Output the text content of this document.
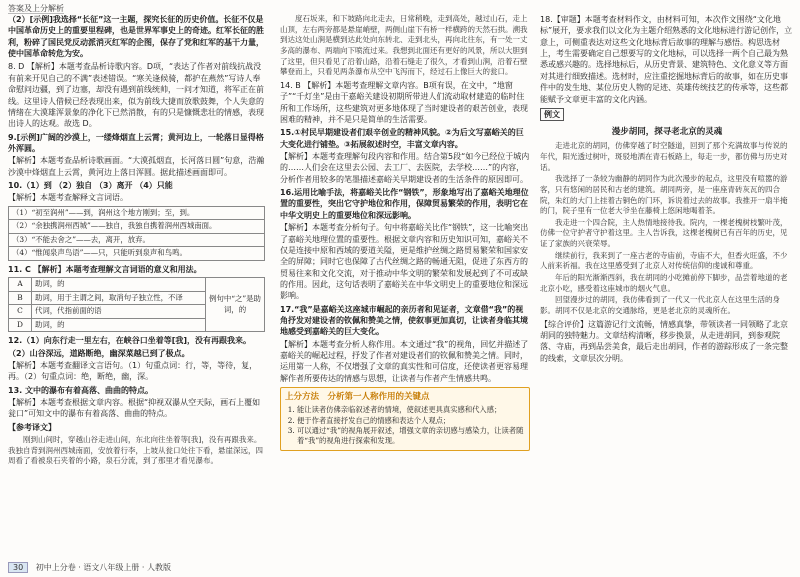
答案及上分解析

（2）[示例]我选择“长征”这一主题，探究长征的历史价值。长征不仅是中国革命历史上的重要里程碑，也是世界军事史上的奇迹。红军长征的胜利，粉碎了国民党反动派消灭红军的企图，保存了党和红军的基干力量，使中国革命转危为安。

8. D 【解析】本题考查品析诗歌内容。D项，“表达了作者对前线抗战没有前来开见自己的不满”表述错误。“寒关逢候骑，都护在燕然”写诗人奉命慰问边疆，到了边塞，却没有遇到前线统帅，一问才知道，将军正在前线。这里诗人借候已经表现出来，似为前线大捷而放歌鼓舞，个人失意的情绪在大漠雄浑景象的净化下已然消散，有的只是慷慨悲壮的情感，表现出诗人的达观。故选 D。

9.[示例]广阔的沙漠上，一缕烽烟直上云霄；黄河边上，一轮落日显得格外浑圆。

【解析】本题考查品析诗歌画面。“大漠孤烟直，长河落日圆”句意，浩瀚沙漠中烽烟直上云霄，黄河边上落日浑圆。据此描述画面即可。

10.（1）到 （2）独自 （3）离开 （4）只能

【解析】本题考查解释文言词语。

（1）“初至润州”——到，润州这个地方刚到；至，到。
（2）“余独携润州西城”——独自，我独自携着润州西城南面。
（3）“不能去舍之”——去，离开，放弃。
（4）“惟闻泉声鸟语”——只，只能听到泉声和鸟鸣。

11. C 【解析】本题考查理解文言词语的意义和用法。

A	助词，的	例句中“之”是助词，的
B	助词，用于主谓之间，取消句子独立性，不译	
C	代词，代指前面的语	
D	助词，的	

12.（1）向东行走一里左右，在峡谷口坐着等[我]，没有再跟我来。

（2）山谷深远，道路断绝，幽深菜越已到了极点。

【解析】本题考查翻译文言语句。（1）句重点词：行，等，等待，复，再。（2）句重点词：绝，断绝，幽，深。

13. 文中的瀑布有着高落、曲曲的特点。

【解析】本题考查根据文章内容。根据“抑视双瀑从空天际，画石上覆如瓮口”可知文中的瀑布有着高落、曲曲的特点。

【参考译文】

刚到山间时，穿越山谷走进山间，东北向往坐着等[我]，没有再跟我来。我独自背到润州西城南面，安放着行李，上坡从瓮口处往下看，悬崖深远，四周看了看被泉石夹着的小路，泉石分流，到了那里才看见瀑布。

度石坂来，和下坡路向北走去，日常稍晚，走到高处，越过山石，走上山顶，左右两旁都是悬崖峭壁，两侧山崖下有桥一样横跨的天然石拱。溯我到达这处山涧是横到达此处向东转北、走到北头，再向北往东，有一处一丈多高的瀑布、两端向下喷流过来。我想到北面还有更好的风景，所以大胆到了这里，但只看见了沿着山路，沿着石缝走了很久，才看到山涧，沿着石壁攀登而上，只看见两条瀑布从空中飞泻而下，经过石上像巨大的瓮口。

14. B 【解析】本题考查理解文章内容。B项有误，在文中，“地窗子”“千灯坐”是由干嘉峪关建设初期所带进人们流动取材建造的临时住所和工作场所，这些建筑对更多地体现了当时建设者的艰苦创业，表现困难的精神，并不是只是简单的生活需要。

15.①村民早期建设者们艰辛创业的精神风貌。②为后文写嘉峪关的巨大变化进行铺垫。③拓展叙述时空，丰富文章内容。

【解析】本题考查理解句段内容和作用。结合第5段“如今已经位于城内的……人们会在这里去公园、去工厂、去医院，去学校……”的内容，分析作者用较多的笔墨描述嘉峪关早期建设者的生活条件的原因即可。

16.运用比喻手法，将嘉峪关比作“钢铁”，形象地写出了嘉峪关地理位置的重要性，突出它守护地位和作用，保障贸易繁荣的作用，表明它在中华文明史上的重要地位和深远影响。

【解析】本题考查分析句子。句中将嘉峪关比作“钢铁”，这一比喻突出了嘉峪关地理位置的重要性。根据文章内容和历史知识可知，嘉峪关不仅是连接中原和西域的要道关隘，更是维护丝绸之路贸易繁荣和国家安全的屏障；同时它也保障了古代丝绸之路的畅通无阻，促进了东西方的贸易往来和文化交流，对于推动中华文明的繁荣和发展起到了不可或缺的作用。因此，这句话表明了嘉峪关在中华文明史上的重要地位和深远影响。

17.“我”是嘉峪关这座城市崛起的亲历者和见证者，文章借“我”的视角抒发对建设者的钦佩和赞美之情，使叙事更加真切，让读者身临其境地感受到嘉峪关的巨大变化。

【解析】本题考查分析人称作用。本文通过“我”的视角，回忆并描述了嘉峪关的崛起过程，抒发了作者对建设者们的钦佩和赞美之情。同时，运用第一人称，不仅增强了文章的真实性和可信度，还使读者更容易理解作者所要传达的情感与思想，让读者与作者产生情感共鸣。

上分方法　分析第一人称作用的关键点
1. 能让读者仿佛亲临叙述者的情境，使叙述更具真实感和代入感；
2. 便于作者直接抒发自己的情感和表达个人观点；
3. 可以通过“我”的视角展开叙述，增强文章的亲切感与感染力，让读者随着“我”的视角进行探索和发现。

18.【审题】本题考查材料作文，由材料可知，本次作文围绕“文化地标”展开，要求我们以文化为主题介绍熟悉的文化地标进行游记创作，立意上，可侧重表达对这些文化地标背后故事的理解与感悟。构思选材上，考生需要确定自己想要写的文化地标，可以选择一两个自己最为熟悉或感兴趣的。选择地标后，从历史背景、建筑特色、文化意义等方面对其进行细致描述。选材时，应注重挖掘地标背后的故事，如在历史事件中的发生地、某位历史人物的足迹、英雄传统技艺的传承等，这些都能赋予文章更丰富的文化内涵。

例文
漫步胡同，探寻老北京的灵魂

走进北京的胡同，仿佛穿越了时空隧道，回到了那个充满故事与传说的年代，阳光透过树叶，斑驳地洒在青石板路上，每走一步，都仿佛与历史对话。

我选择了一条较为幽静的胡同作为此次漫步的起点，这里没有喧嚣的游客，只有悠闲的居民和古老的建筑。胡同两旁，是一座座青砖灰瓦的四合院，朱红的大门上挂着古铜色的门环，诉说着过去的故事。我推开一扇半掩的门，院子里有一位老大爷坐在藤椅上悠闲地喝着茶。

我走进一个四合院，主人热情地接待我。院内，一棵老槐树枝繁叶茂，仿佛一位守护者守护着这里。主人告诉我，这棵老槐树已有百年的历史，见证了家族的兴衰荣辱。

继续前行，我来到了一座古老的寺庙前，寺庙不大，但香火旺盛，不少人前来祈福。我在这里感受到了北京人对传统信仰的虔诚和尊重。

年后的阳光渐渐西斜，我在胡同的小吃摊前停下脚步，品尝着地道的老北京小吃，感受着这座城市的烟火气息。

回望漫步过的胡同，我仿佛看到了一代又一代北京人在这里生活的身影。胡同不仅是北京的交通脉络，更是老北京的灵魂所在。

【综合评价】这篇游记行文流畅，情感真挚，带领读者一同领略了北京胡同的独特魅力。文章结构清晰，移步换景，从走进胡同，到参观院落、寺庙，再到品尝美食，最后走出胡同，作者的游踪形成了一条完整的线索，文章层次分明。

30 初中上分卷 · 语文八年级上册 · 人教版
